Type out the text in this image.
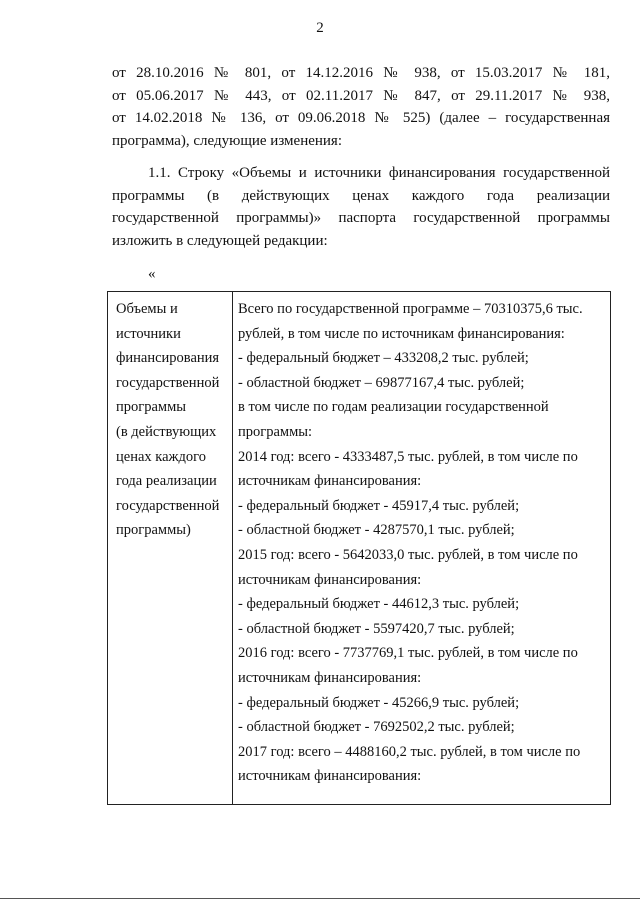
2
от 28.10.2016 № 801, от 14.12.2016 № 938, от 15.03.2017 № 181,
от 05.06.2017 № 443, от 02.11.2017 № 847, от 29.11.2017 № 938,
от 14.02.2018 № 136, от 09.06.2018 № 525) (далее – государственная
программа), следующие изменения:
1.1. Строку «Объемы и источники финансирования государственной
программы (в действующих ценах каждого года реализации
государственной программы)» паспорта государственной программы
изложить в следующей редакции:
«
Объемы и
источники
финансирования
государственной
программы
(в действующих
ценах каждого
года реализации
государственной
программы)
Всего по государственной программе – 70310375,6 тыс.
рублей, в том числе по источникам финансирования:
- федеральный бюджет – 433208,2 тыс. рублей;
- областной бюджет – 69877167,4 тыс. рублей;
в том числе по годам реализации государственной
программы:
2014 год: всего - 4333487,5 тыс. рублей, в том числе по
источникам финансирования:
- федеральный бюджет - 45917,4 тыс. рублей;
- областной бюджет - 4287570,1 тыс. рублей;
2015 год: всего - 5642033,0 тыс. рублей, в том числе по
источникам финансирования:
- федеральный бюджет - 44612,3 тыс. рублей;
- областной бюджет - 5597420,7 тыс. рублей;
2016 год: всего - 7737769,1 тыс. рублей, в том числе по
источникам финансирования:
- федеральный бюджет - 45266,9 тыс. рублей;
- областной бюджет - 7692502,2 тыс. рублей;
2017 год: всего – 4488160,2 тыс. рублей, в том числе по
источникам финансирования:
